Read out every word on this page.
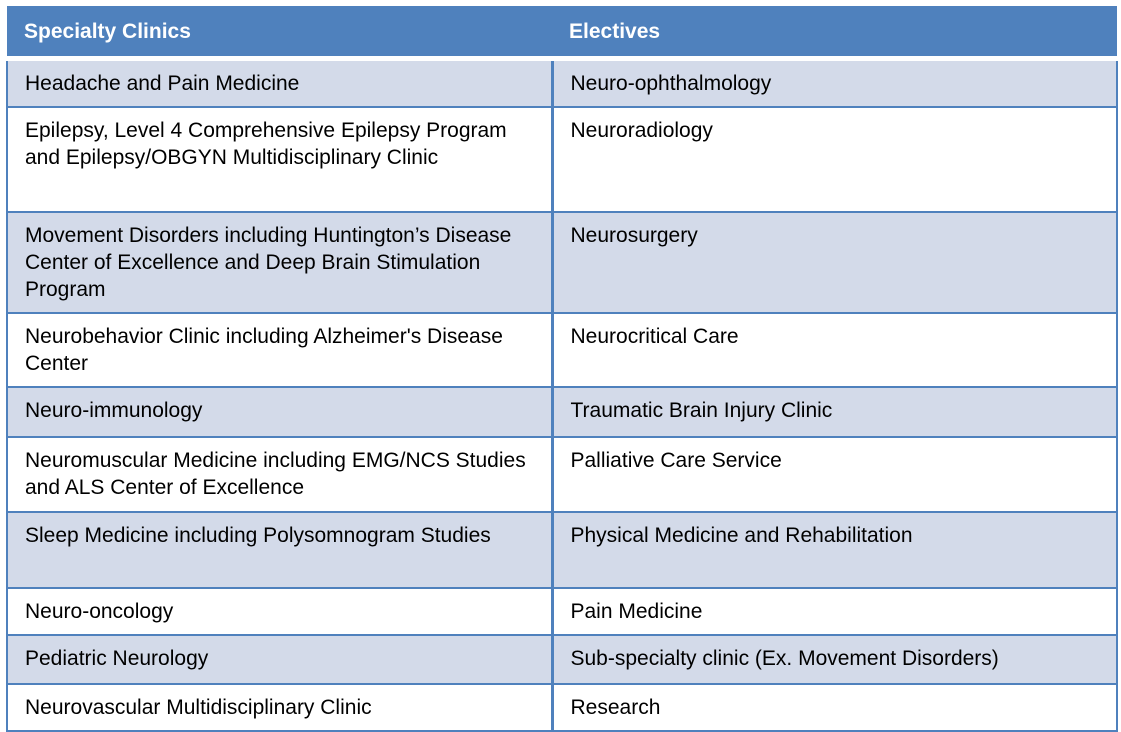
Specialty Clinics	Electives
Headache and Pain Medicine	Neuro-ophthalmology
Epilepsy, Level 4 Comprehensive Epilepsy Program and Epilepsy/OBGYN Multidisciplinary Clinic	Neuroradiology
Movement Disorders including Huntington’s Disease Center of Excellence and Deep Brain Stimulation Program	Neurosurgery
Neurobehavior Clinic including Alzheimer's Disease Center	Neurocritical Care
Neuro-immunology	Traumatic Brain Injury Clinic
Neuromuscular Medicine including EMG/NCS Studies and ALS Center of Excellence	Palliative Care Service
Sleep Medicine including Polysomnogram Studies	Physical Medicine and Rehabilitation
Neuro-oncology	Pain Medicine
Pediatric Neurology	Sub-specialty clinic (Ex. Movement Disorders)
Neurovascular Multidisciplinary Clinic	Research
